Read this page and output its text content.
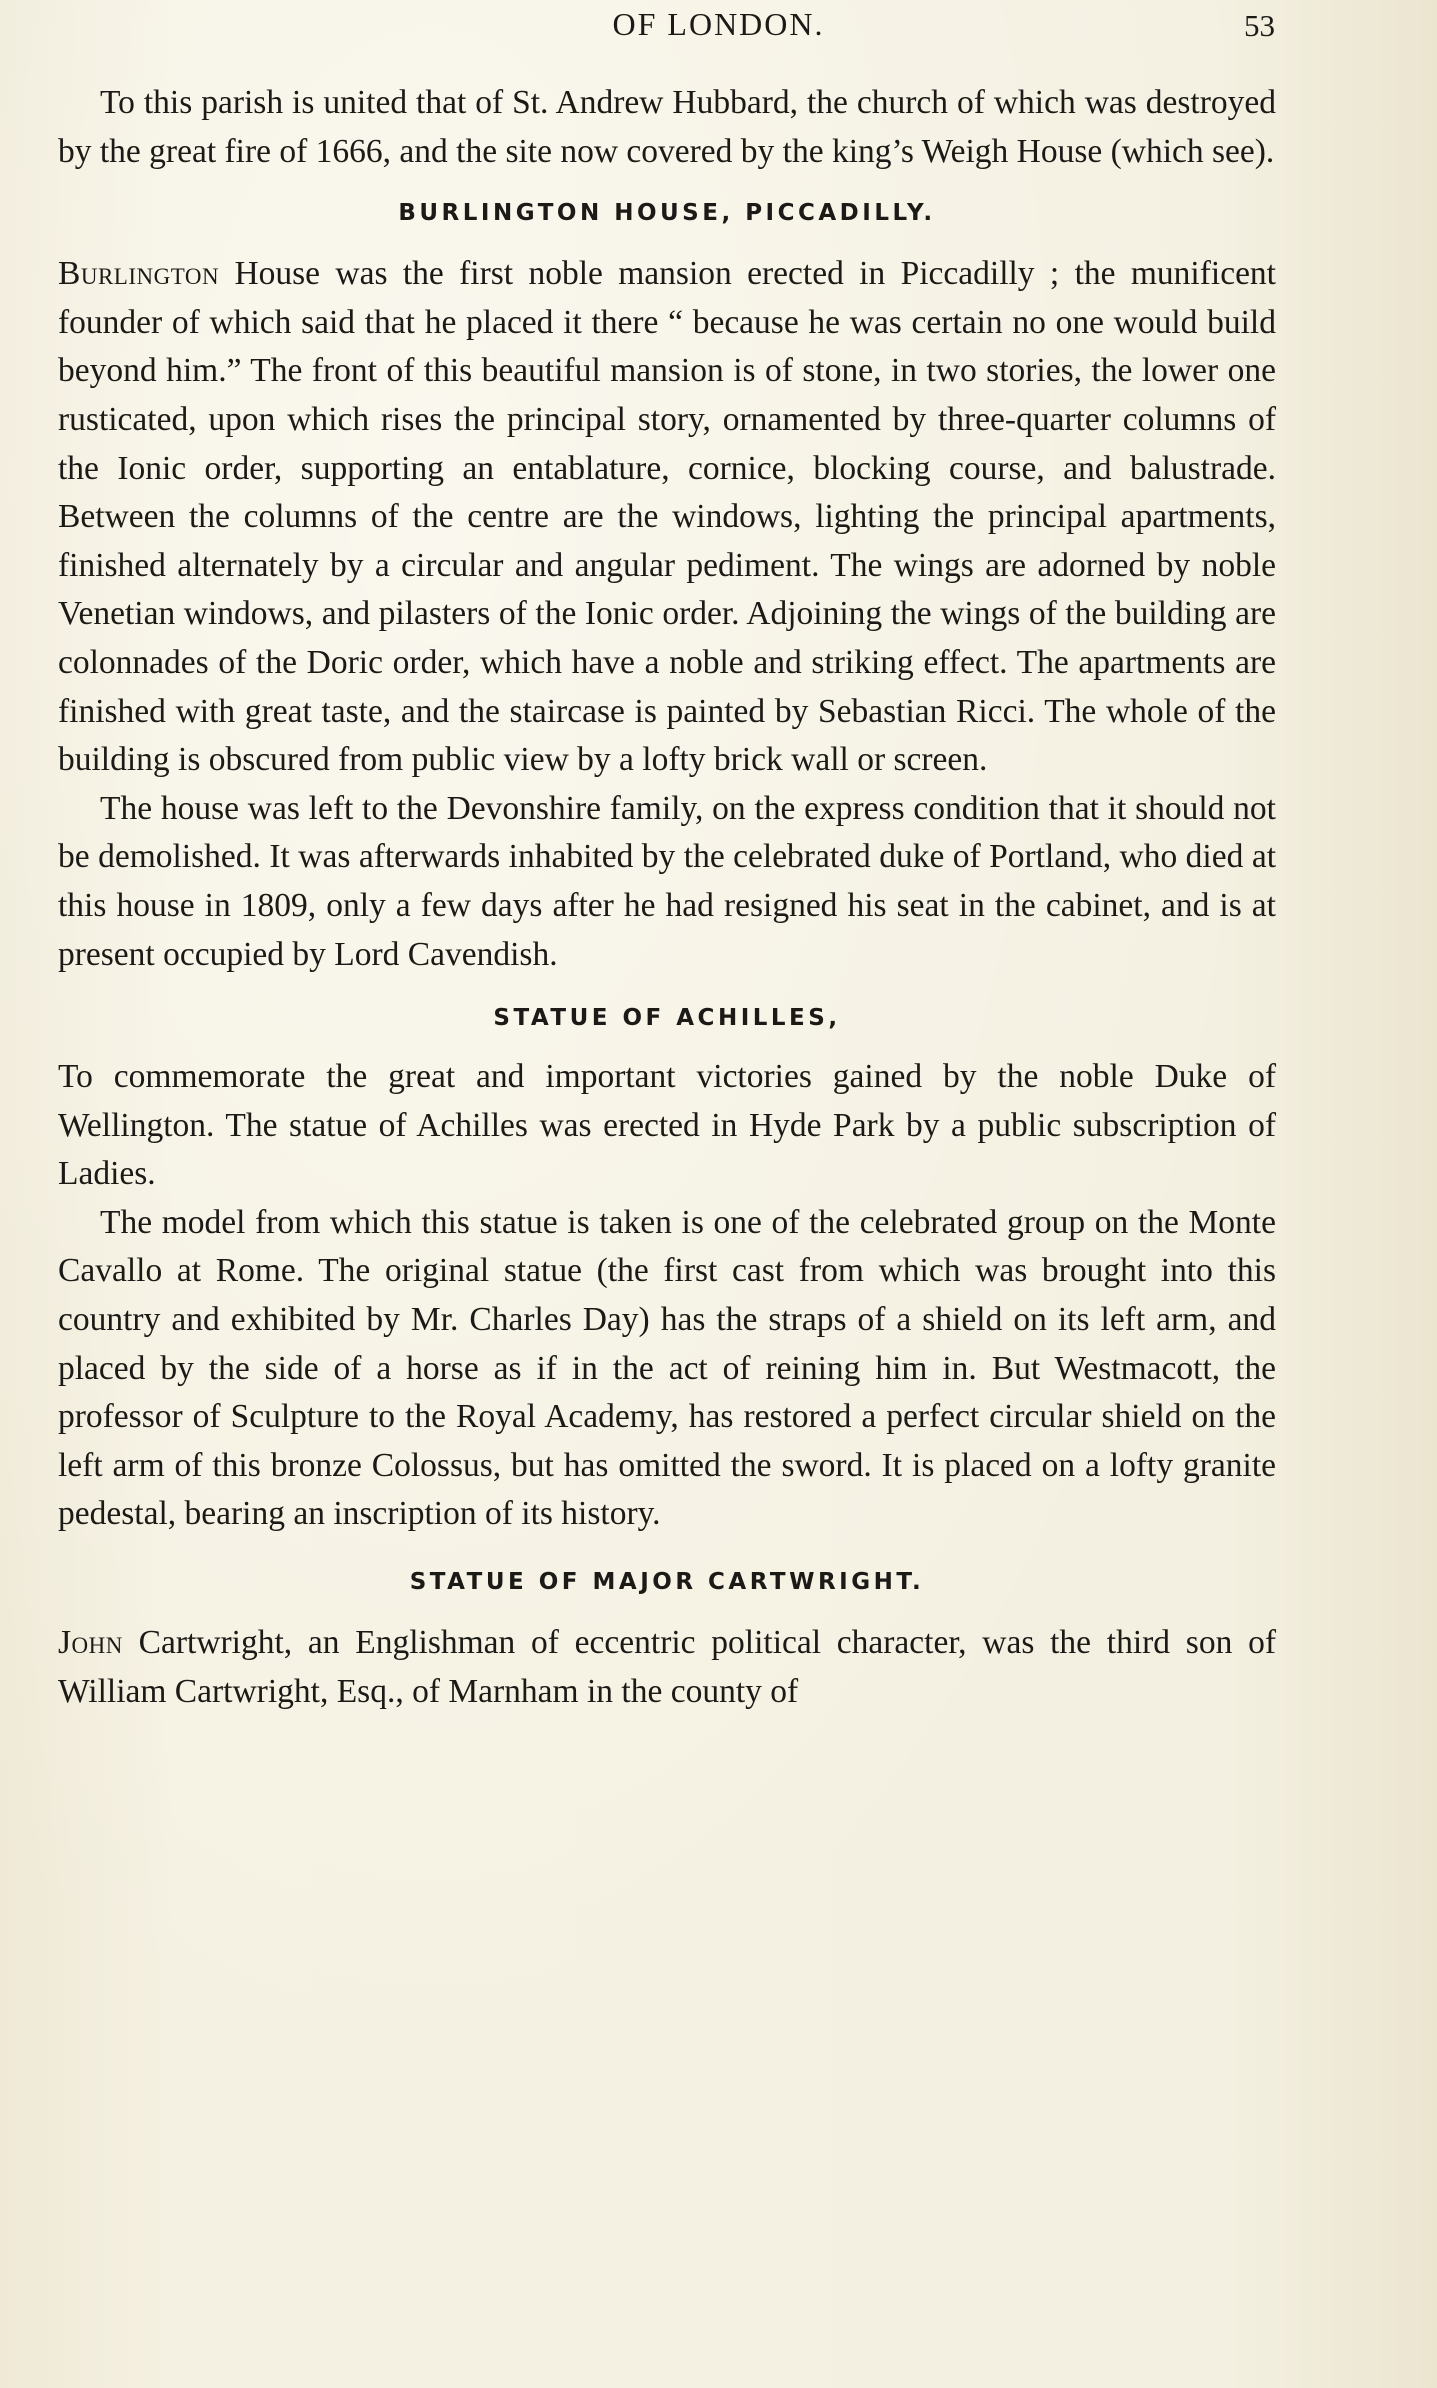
OF LONDON.	53

To this parish is united that of St. Andrew Hubbard, the church of which was destroyed by the great fire of 1666, and the site now covered by the king’s Weigh House (which see).

BURLINGTON HOUSE, PICCADILLY.

Burlington House was the first noble mansion erected in Piccadilly ; the munificent founder of which said that he placed it there “ because he was certain no one would build beyond him.” The front of this beautiful mansion is of stone, in two stories, the lower one rusticated, upon which rises the principal story, ornamented by three-quarter columns of the Ionic order, supporting an entablature, cornice, blocking course, and balustrade. Between the columns of the centre are the windows, lighting the principal apartments, finished alternately by a circular and angular pediment. The wings are adorned by noble Venetian windows, and pilasters of the Ionic order. Adjoining the wings of the building are colonnades of the Doric order, which have a noble and striking effect. The apartments are finished with great taste, and the staircase is painted by Sebastian Ricci. The whole of the building is obscured from public view by a lofty brick wall or screen.

The house was left to the Devonshire family, on the express condition that it should not be demolished. It was afterwards inhabited by the celebrated duke of Portland, who died at this house in 1809, only a few days after he had resigned his seat in the cabinet, and is at present occupied by Lord Cavendish.

STATUE OF ACHILLES,

To commemorate the great and important victories gained by the noble Duke of Wellington. The statue of Achilles was erected in Hyde Park by a public subscription of Ladies.

The model from which this statue is taken is one of the celebrated group on the Monte Cavallo at Rome. The original statue (the first cast from which was brought into this country and exhibited by Mr. Charles Day) has the straps of a shield on its left arm, and placed by the side of a horse as if in the act of reining him in. But Westmacott, the professor of Sculpture to the Royal Academy, has restored a perfect circular shield on the left arm of this bronze Colossus, but has omitted the sword. It is placed on a lofty granite pedestal, bearing an inscription of its history.

STATUE OF MAJOR CARTWRIGHT.

John Cartwright, an Englishman of eccentric political character, was the third son of William Cartwright, Esq., of Marnham in the county of
